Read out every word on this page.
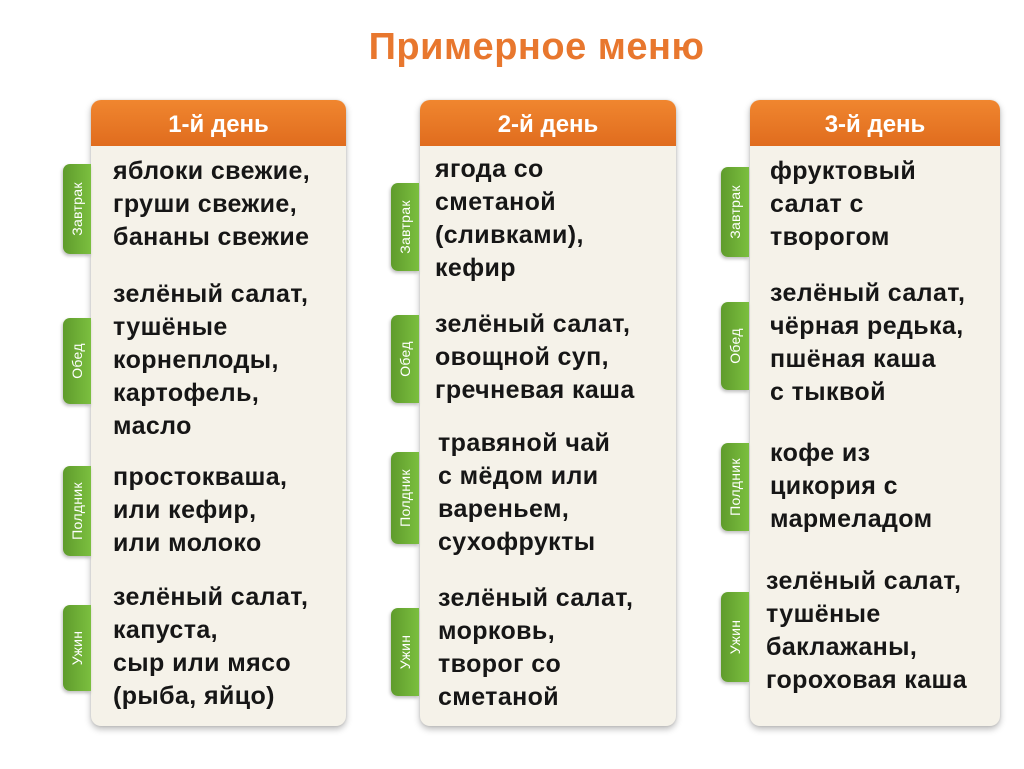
Примерное меню
1-й день
яблоки свежие,
груши свежие,
бананы свежие
зелёный салат,
тушёные
корнеплоды,
картофель,
масло
простокваша,
или кефир,
или молоко
зелёный салат,
капуста,
сыр или мясо
(рыба, яйцо)
2-й день
ягода со
сметаной
(сливками),
кефир
зелёный салат,
овощной суп,
гречневая каша
травяной чай
с мёдом или
вареньем,
сухофрукты
зелёный салат,
морковь,
творог со
сметаной
3-й день
фруктовый
салат с
творогом
зелёный салат,
чёрная редька,
пшёная каша
с тыквой
кофе из
цикория с
мармеладом
зелёный салат,
тушёные
баклажаны,
гороховая каша
Завтрак
Обед
Полдник
Ужин
Завтрак
Обед
Полдник
Ужин
Завтрак
Обед
Полдник
Ужин
